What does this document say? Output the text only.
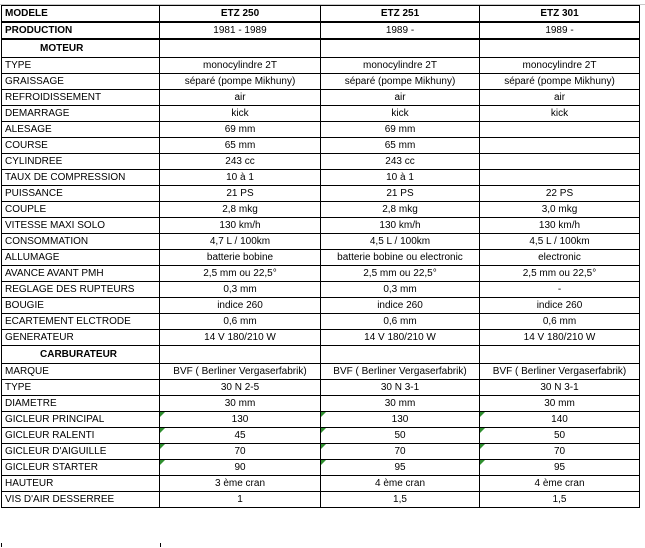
MODELE	ETZ 250	ETZ 251	ETZ 301
PRODUCTION	1981 - 1989	1989 -	1989 -
MOTEUR			
TYPE	monocylindre 2T	monocylindre 2T	monocylindre 2T
GRAISSAGE	séparé (pompe Mikhuny)	séparé (pompe Mikhuny)	séparé (pompe Mikhuny)
REFROIDISSEMENT	air	air	air
DEMARRAGE	kick	kick	kick
ALESAGE	69 mm	69 mm	
COURSE	65 mm	65 mm	
CYLINDREE	243 cc	243 cc	
TAUX DE COMPRESSION	10 à 1	10 à 1	
PUISSANCE	21 PS	21 PS	22 PS
COUPLE	2,8 mkg	2,8 mkg	3,0 mkg
VITESSE MAXI SOLO	130 km/h	130 km/h	130 km/h
CONSOMMATION	4,7 L / 100km	4,5 L / 100km	4,5 L / 100km
ALLUMAGE	batterie bobine	batterie bobine ou electronic	electronic
AVANCE AVANT PMH	2,5 mm ou 22,5°	2,5 mm ou 22,5°	2,5 mm ou 22,5°
REGLAGE DES RUPTEURS	0,3 mm	0,3 mm	-
BOUGIE	indice 260	indice 260	indice 260
ECARTEMENT ELCTRODE	0,6 mm	0,6 mm	0,6 mm
GENERATEUR	14 V 180/210 W	14 V 180/210 W	14 V 180/210 W
CARBURATEUR			
MARQUE	BVF ( Berliner Vergaserfabrik)	BVF ( Berliner Vergaserfabrik)	BVF ( Berliner Vergaserfabrik)
TYPE	30 N 2-5	30 N 3-1	30 N 3-1
DIAMETRE	30 mm	30 mm	30 mm
GICLEUR PRINCIPAL	130	130	140
GICLEUR RALENTI	45	50	50
GICLEUR D'AIGUILLE	70	70	70
GICLEUR STARTER	90	95	95
HAUTEUR	3 ème cran	4 ème cran	4 ème cran
VIS D'AIR DESSERREE	1	1,5	1,5
